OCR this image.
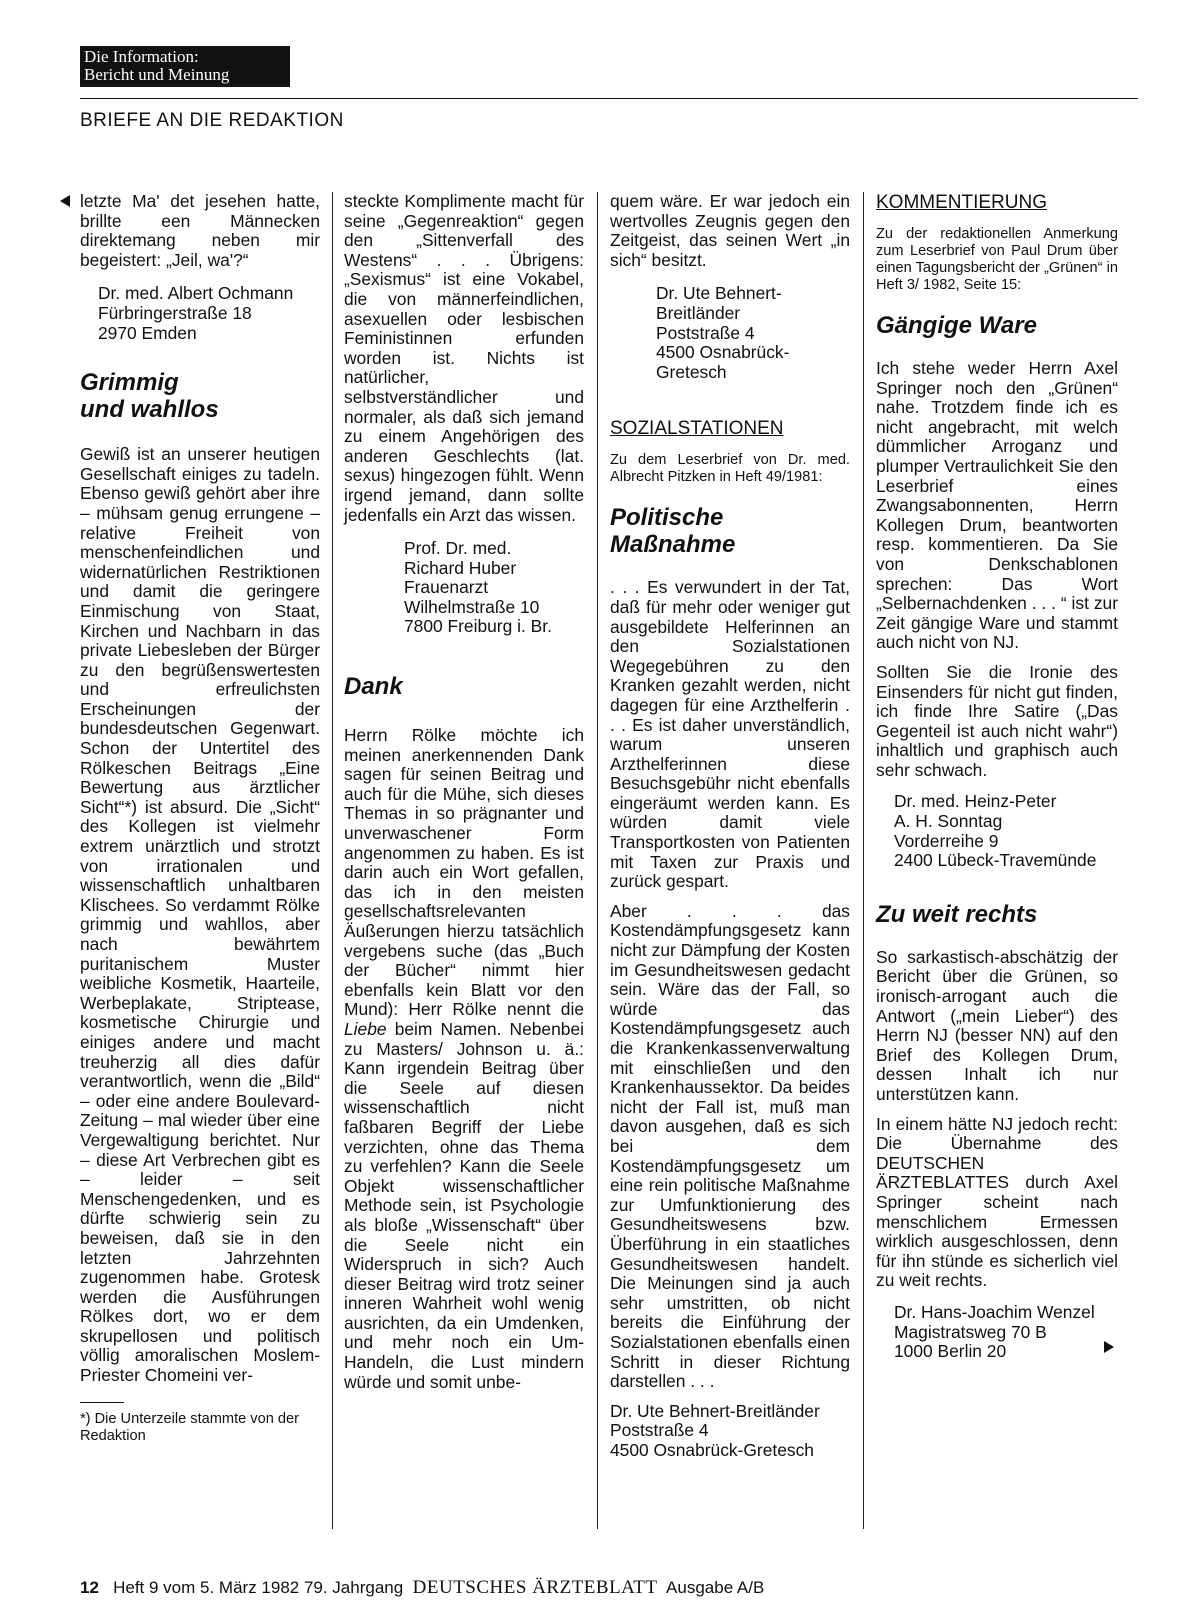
Die Information:
Bericht und Meinung
BRIEFE AN DIE REDAKTION

letzte Ma' det jesehen hatte, brillte een Männecken direktemang neben mir begeistert: „Jeil, wa'?“

Dr. med. Albert Ochmann
Fürbringerstraße 18
2970 Emden
Grimmig
und wahllos

Gewiß ist an unserer heutigen Gesellschaft einiges zu tadeln. Ebenso gewiß gehört aber ihre – mühsam genug errungene – relative Freiheit von menschenfeindlichen und widernatürlichen Restriktionen und damit die geringere Einmischung von Staat, Kirchen und Nachbarn in das private Liebesleben der Bürger zu den begrüßenswertesten und erfreulichsten Erscheinungen der bundesdeutschen Gegenwart. Schon der Untertitel des Rölkeschen Beitrags „Eine Bewertung aus ärztlicher Sicht“*) ist absurd. Die „Sicht“ des Kollegen ist vielmehr extrem unärztlich und strotzt von irrationalen und wissenschaftlich unhaltbaren Klischees. So verdammt Rölke grimmig und wahllos, aber nach bewährtem puritanischem Muster weibliche Kosmetik, Haarteile, Werbeplakate, Striptease, kosmetische Chirurgie und einiges andere und macht treuherzig all dies dafür verantwortlich, wenn die „Bild“ – oder eine andere Boulevard-Zeitung – mal wieder über eine Vergewaltigung berichtet. Nur – diese Art Verbrechen gibt es – leider – seit Menschengedenken, und es dürfte schwierig sein zu beweisen, daß sie in den letzten Jahrzehnten zugenommen habe. Grotesk werden die Ausführungen Rölkes dort, wo er dem skrupellosen und politisch völlig amoralischen Moslem-Priester Chomeini ver-

*) Die Unterzeile stammte von der Redaktion

steckte Komplimente macht für seine „Gegenreaktion“ gegen den „Sittenverfall des Westens“ . . . Übrigens: „Sexismus“ ist eine Vokabel, die von männerfeindlichen, asexuellen oder lesbischen Feministinnen erfunden worden ist. Nichts ist natürlicher, selbstverständlicher und normaler, als daß sich jemand zu einem Angehörigen des anderen Geschlechts (lat. sexus) hingezogen fühlt. Wenn irgend jemand, dann sollte jedenfalls ein Arzt das wissen.

Prof. Dr. med.
Richard Huber
Frauenarzt
Wilhelmstraße 10
7800 Freiburg i. Br.
Dank

Herrn Rölke möchte ich meinen anerkennenden Dank sagen für seinen Beitrag und auch für die Mühe, sich dieses Themas in so prägnanter und unverwaschener Form angenommen zu haben. Es ist darin auch ein Wort gefallen, das ich in den meisten gesellschaftsrelevanten Äußerungen hierzu tatsächlich vergebens suche (das „Buch der Bücher“ nimmt hier ebenfalls kein Blatt vor den Mund): Herr Rölke nennt die Liebe beim Namen. Nebenbei zu Masters/ Johnson u. ä.: Kann irgendein Beitrag über die Seele auf diesen wissenschaftlich nicht faßbaren Begriff der Liebe verzichten, ohne das Thema zu verfehlen? Kann die Seele Objekt wissenschaftlicher Methode sein, ist Psychologie als bloße „Wissenschaft“ über die Seele nicht ein Widerspruch in sich? Auch dieser Beitrag wird trotz seiner inneren Wahrheit wohl wenig ausrichten, da ein Umdenken, und mehr noch ein Um-Handeln, die Lust mindern würde und somit unbe-

quem wäre. Er war jedoch ein wertvolles Zeugnis gegen den Zeitgeist, das seinen Wert „in sich“ besitzt.

Dr. Ute Behnert-Breitländer
Poststraße 4
4500 Osnabrück-Gretesch
SOZIALSTATIONEN
Zu dem Leserbrief von Dr. med. Albrecht Pitzken in Heft 49/1981:
Politische
Maßnahme

. . . Es verwundert in der Tat, daß für mehr oder weniger gut ausgebildete Helferinnen an den Sozialstationen Wegegebühren zu den Kranken gezahlt werden, nicht dagegen für eine Arzthelferin . . . Es ist daher unverständlich, warum unseren Arzthelferinnen diese Besuchsgebühr nicht ebenfalls eingeräumt werden kann. Es würden damit viele Transportkosten von Patienten mit Taxen zur Praxis und zurück gespart.

Aber . . . das Kostendämpfungsgesetz kann nicht zur Dämpfung der Kosten im Gesundheitswesen gedacht sein. Wäre das der Fall, so würde das Kostendämpfungsgesetz auch die Krankenkassenverwaltung mit einschließen und den Krankenhaussektor. Da beides nicht der Fall ist, muß man davon ausgehen, daß es sich bei dem Kostendämpfungsgesetz um eine rein politische Maßnahme zur Umfunktionierung des Gesundheitswesens bzw. Überführung in ein staatliches Gesundheitswesen handelt. Die Meinungen sind ja auch sehr umstritten, ob nicht bereits die Einführung der Sozialstationen ebenfalls einen Schritt in dieser Richtung darstellen . . .

Dr. Ute Behnert-Breitländer
Poststraße 4
4500 Osnabrück-Gretesch
KOMMENTIERUNG
Zu der redaktionellen Anmerkung zum Leserbrief von Paul Drum über einen Tagungsbericht der „Grünen“ in Heft 3/ 1982, Seite 15:
Gängige Ware

Ich stehe weder Herrn Axel Springer noch den „Grünen“ nahe. Trotzdem finde ich es nicht angebracht, mit welch dümmlicher Arroganz und plumper Vertraulichkeit Sie den Leserbrief eines Zwangsabonnenten, Herrn Kollegen Drum, beantworten resp. kommentieren. Da Sie von Denkschablonen sprechen: Das Wort „Selbernachdenken . . . “ ist zur Zeit gängige Ware und stammt auch nicht von NJ.

Sollten Sie die Ironie des Einsenders für nicht gut finden, ich finde Ihre Satire („Das Gegenteil ist auch nicht wahr“) inhaltlich und graphisch auch sehr schwach.

Dr. med. Heinz-Peter
A. H. Sonntag
Vorderreihe 9
2400 Lübeck-Travemünde
Zu weit rechts

So sarkastisch-abschätzig der Bericht über die Grünen, so ironisch-arrogant auch die Antwort („mein Lieber“) des Herrn NJ (besser NN) auf den Brief des Kollegen Drum, dessen Inhalt ich nur unterstützen kann.

In einem hätte NJ jedoch recht: Die Übernahme des DEUTSCHEN ÄRZTEBLATTES durch Axel Springer scheint nach menschlichem Ermessen wirklich ausgeschlossen, denn für ihn stünde es sicherlich viel zu weit rechts.

Dr. Hans-Joachim Wenzel
Magistratsweg 70 B
1000 Berlin 20
12 Heft 9 vom 5. März 1982 79. Jahrgang DEUTSCHES ÄRZTEBLATT Ausgabe A/B
